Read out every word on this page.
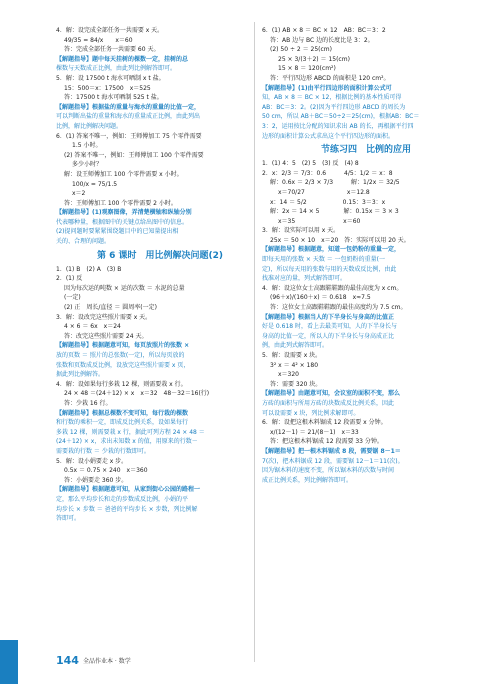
4．解：设完成全部任务一共需要 x 天。
49/35 = 84/x　　x＝60
答：完成全部任务一共需要 60 天。
【解题指导】题中每天挂树的棵数一定，挂树的总
棵数与天数成正比例，由此列比例解答即可。
5．解：设 17500 t 海水可晒制 x t 盐。
15：500＝x：17500　x＝525
答：17500 t 海水可晒制 525 t 盐。
【解题指导】根据盐的重量与海水的重量的比值一定，
可以判断出盐的重量和海水的重量成正比例，由此列出
比例，解比例解决问题。
6．(1) 答案不唯一，例如：王师傅加工 75 个零件需要
1.5 小时。
(2) 答案不唯一，例如：王师傅加工 100 个零件需要
多少小时？
解：设王师傅加工 100 个零件需要 x 小时。
100/x = 75/1.5
x＝2
答：王师傅加工 100 个零件需要 2 小时。
【解题指导】(1)观察图像，弄清楚横轴和纵轴分别
代表哪种量，根据图中的关键点给出图中的信息。
(2)提问题时要紧紧围绕题目中的已知量提出相
关的、合理的问题。
第 6 课时　用比例解决问题(2)
1．(1) B　(2) A　(3) B
2．(1) 反
因为每次运的吨数 × 运的次数 ＝ 水泥的总量
(一定)
(2) 正　周长/直径 ＝ 圆周率(一定)
3．解：设改完这些照片需要 x 天。
4 × 6 ＝ 6x　x＝24
答：改完这些照片需要 24 天。
【解题指导】根据题意可知，每页放照片的张数 ×
放的页数 ＝ 照片的总张数(一定)，所以每页放的
张数和页数成反比例，设放完这些照片需要 x 页，
据此列比例解答。
4．解：设如果每行多栽 12 棵，则需要栽 x 行。
24 × 48 ＝(24＋12) × x　x＝32　48－32＝16(行)
答：少栽 16 行。
【解题指导】根据总棵数不变可知，每行栽的棵数
和行数的乘积一定，即成反比例关系，设如果每行
多栽 12 棵，则需要栽 x 行，据此可列方程 24 × 48 ＝
(24＋12) × x，求出未知数 x 的值，用原来的行数－
需要栽的行数 ＝ 少栽的行数即可。
5．解：设小娟要走 x 步。
0.5x ＝ 0.75 × 240　x＝360
答：小娟要走 360 步。
【解题指导】根据题意可知，从家到街心公园的路程一
定，那么平均步长和走的步数成反比例，小娟的平
均步长 × 步数 ＝ 爸爸的平均步长 × 步数，列比例解
答即可。
6．(1) AB × 8 ＝ BC × 12　AB：BC＝3：2
答：AB 边与 BC 边的长度比是 3：2。
(2) 50 ÷ 2 ＝ 25(cm)
25 × 3/(3＋2) ＝ 15(cm)
15 × 8 ＝ 120(cm²)
答：平行四边形 ABCD 的面积是 120 cm²。
【解题指导】(1)由平行四边形的面积计算公式可
知，AB × 8 ＝ BC × 12，根据比例的基本性质可得
AB：BC＝3：2。(2)因为平行四边形 ABCD 的周长为
50 cm，所以 AB＋BC＝50÷2＝25(cm)，根据AB：BC＝
3：2，运用按比分配的知识求出 AB 的长，再根据平行四
边形的面积计算公式求出这个平行四边形的面积。
节练习四　比例的应用
1．(1) 4：5　(2) 5　(3) 反　(4) 8
2．x：2/3 ＝ 7/3：0.6　　　4/5：1/2 ＝ x：8
解：0.6x ＝ 2/3 × 7/3　　　解：1/2x ＝ 32/5
x＝70/27　　　　　　　x＝12.8
x：14 ＝ 5/2　　　　　　0.15：3＝3：x
解：2x ＝ 14 × 5　　　　解：0.15x ＝ 3 × 3
x＝35　　　　　　　　x＝60
3．解：设实际可以用 x 天。
25x ＝ 50 × 10　x＝20　答：实际可以用 20 天。
【解题指导】根据题意，知道一包奶粉的重量一定，
即每天用的张数 × 天数 ＝ 一包奶粉的重量(一
定)，所以每天用的张数与用的天数成反比例，由此
找准对应的量，列式解答即可。
4．解：设这位女士高跟鞋鞋跟的最佳高度为 x cm。
(96＋x)/(160＋x) ＝ 0.618　x≈7.5
答：这位女士高跟鞋鞋跟的最佳高度约为 7.5 cm。
【解题指导】根据当人的下半身长与身高的比值正
好是 0.618 时，看上去最美可知，人的下半身长与
身高的比值一定，所以人的下半身长与身高成正比
例，由此列式解答即可。
5．解：设需要 x 块。
3² x ＝ 4² × 180
x＝320
答：需要 320 块。
【解题指导】由题意可知，会议室的面积不变，那么
方砖的面积与所用方砖的块数成反比例关系，因此
可以设需要 x 块，列比例求解即可。
6．解：设把这根木料锯成 12 段需要 x 分钟。
x/(12－1) ＝ 21/(8－1)　x＝33
答：把这根木料锯成 12 段需要 33 分钟。
【解题指导】把一根木料锯成 8 段，需要锯 8－1＝
7(次)，把木料锯成 12 段，需要锯 12－1＝11(次)。
因为锯木料的速度不变，所以锯木料的次数与时间
成正比例关系，列比例解答即可。
144 全品作业本 · 数学
